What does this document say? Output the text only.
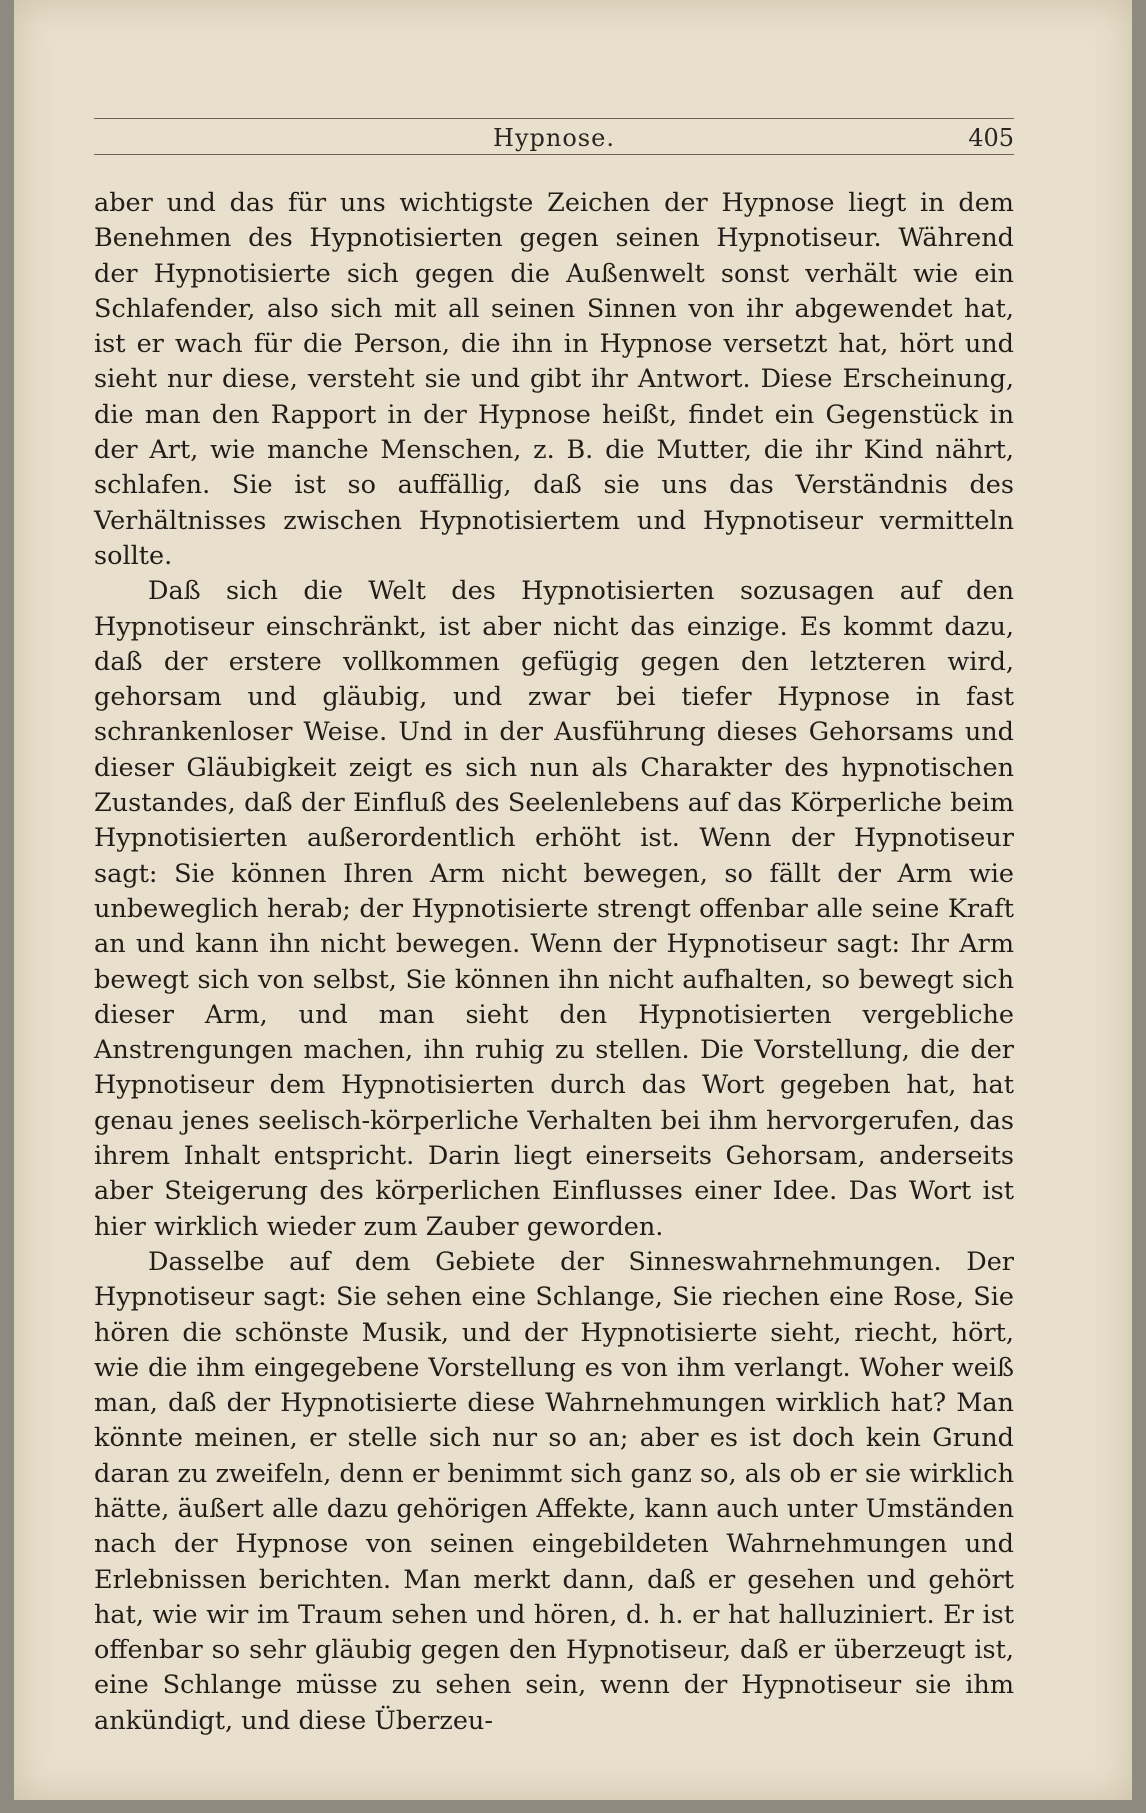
Hypnose.	405

aber und das für uns wichtigste Zeichen der Hypnose liegt in dem Benehmen des Hypnotisierten gegen seinen Hypnotiseur. Während der Hypnotisierte sich gegen die Außenwelt sonst verhält wie ein Schlafender, also sich mit all seinen Sinnen von ihr abgewendet hat, ist er wach für die Person, die ihn in Hypnose versetzt hat, hört und sieht nur diese, versteht sie und gibt ihr Antwort. Diese Erscheinung, die man den Rapport in der Hypnose heißt, findet ein Gegenstück in der Art, wie manche Menschen, z. B. die Mutter, die ihr Kind nährt, schlafen. Sie ist so auffällig, daß sie uns das Verständnis des Verhältnisses zwischen Hypnotisiertem und Hypnotiseur vermitteln sollte.

Daß sich die Welt des Hypnotisierten sozusagen auf den Hypnotiseur einschränkt, ist aber nicht das einzige. Es kommt dazu, daß der erstere vollkommen gefügig gegen den letzteren wird, gehorsam und gläubig, und zwar bei tiefer Hypnose in fast schrankenloser Weise. Und in der Ausführung dieses Gehorsams und dieser Gläubigkeit zeigt es sich nun als Charakter des hypnotischen Zustandes, daß der Einfluß des Seelenlebens auf das Körperliche beim Hypnotisierten außerordentlich erhöht ist. Wenn der Hypnotiseur sagt: Sie können Ihren Arm nicht bewegen, so fällt der Arm wie unbeweglich herab; der Hypnotisierte strengt offenbar alle seine Kraft an und kann ihn nicht bewegen. Wenn der Hypnotiseur sagt: Ihr Arm bewegt sich von selbst, Sie können ihn nicht aufhalten, so bewegt sich dieser Arm, und man sieht den Hypnotisierten vergebliche Anstrengungen machen, ihn ruhig zu stellen. Die Vorstellung, die der Hypnotiseur dem Hypnotisierten durch das Wort gegeben hat, hat genau jenes seelisch-körperliche Verhalten bei ihm hervorgerufen, das ihrem Inhalt entspricht. Darin liegt einerseits Gehorsam, anderseits aber Steigerung des körperlichen Einflusses einer Idee. Das Wort ist hier wirklich wieder zum Zauber geworden.

Dasselbe auf dem Gebiete der Sinneswahrnehmungen. Der Hypnotiseur sagt: Sie sehen eine Schlange, Sie riechen eine Rose, Sie hören die schönste Musik, und der Hypnotisierte sieht, riecht, hört, wie die ihm eingegebene Vorstellung es von ihm verlangt. Woher weiß man, daß der Hypnotisierte diese Wahrnehmungen wirklich hat? Man könnte meinen, er stelle sich nur so an; aber es ist doch kein Grund daran zu zweifeln, denn er benimmt sich ganz so, als ob er sie wirklich hätte, äußert alle dazu gehörigen Affekte, kann auch unter Umständen nach der Hypnose von seinen eingebildeten Wahrnehmungen und Erlebnissen berichten. Man merkt dann, daß er gesehen und gehört hat, wie wir im Traum sehen und hören, d. h. er hat halluziniert. Er ist offenbar so sehr gläubig gegen den Hypnotiseur, daß er überzeugt ist, eine Schlange müsse zu sehen sein, wenn der Hypnotiseur sie ihm ankündigt, und diese Überzeu-
